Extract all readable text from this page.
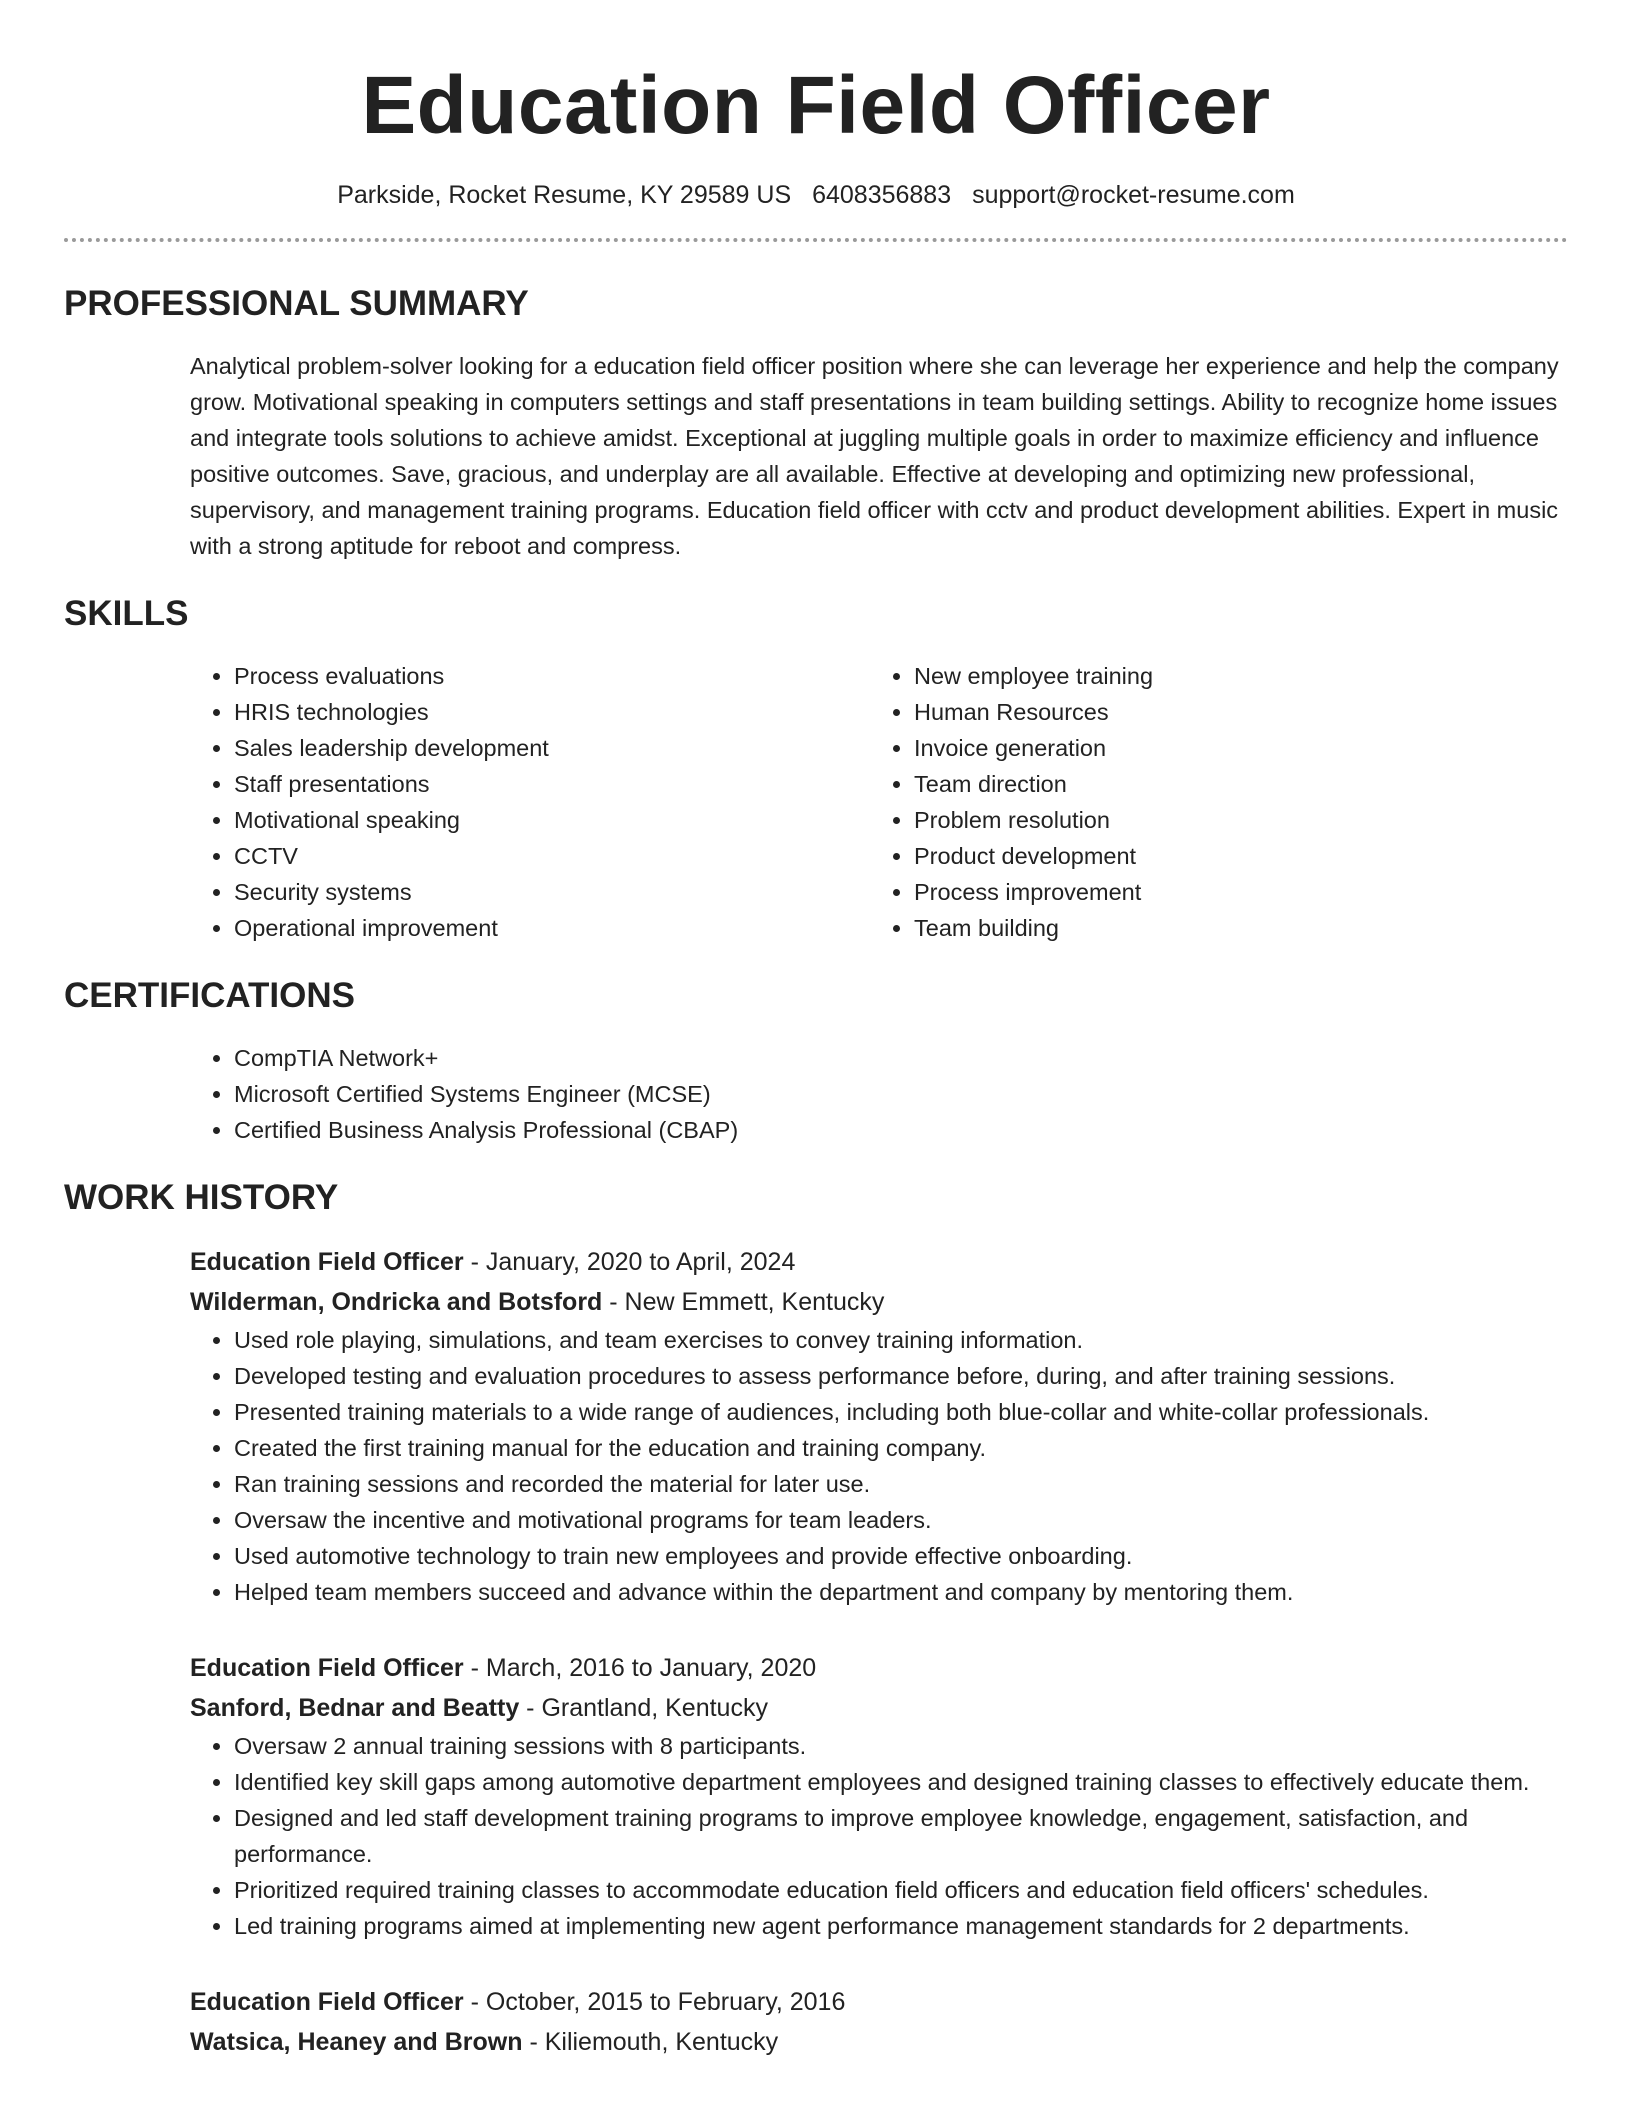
Education Field Officer
Parkside, Rocket Resume, KY 29589 US 6408356883 support@rocket-resume.com
PROFESSIONAL SUMMARY

Analytical problem-solver looking for a education field officer position where she can leverage her experience and help the company grow. Motivational speaking in computers settings and staff presentations in team building settings. Ability to recognize home issues and integrate tools solutions to achieve amidst. Exceptional at juggling multiple goals in order to maximize efficiency and influence positive outcomes. Save, gracious, and underplay are all available. Effective at developing and optimizing new professional, supervisory, and management training programs. Education field officer with cctv and product development abilities. Expert in music with a strong aptitude for reboot and compress.

SKILLS
• Process evaluations
• HRIS technologies
• Sales leadership development
• Staff presentations
• Motivational speaking
• CCTV
• Security systems
• Operational improvement
• New employee training
• Human Resources
• Invoice generation
• Team direction
• Problem resolution
• Product development
• Process improvement
• Team building
CERTIFICATIONS
• CompTIA Network+
• Microsoft Certified Systems Engineer (MCSE)
• Certified Business Analysis Professional (CBAP)
WORK HISTORY
Education Field Officer - January, 2020 to April, 2024
Wilderman, Ondricka and Botsford - New Emmett, Kentucky
• Used role playing, simulations, and team exercises to convey training information.
• Developed testing and evaluation procedures to assess performance before, during, and after training sessions.
• Presented training materials to a wide range of audiences, including both blue-collar and white-collar professionals.
• Created the first training manual for the education and training company.
• Ran training sessions and recorded the material for later use.
• Oversaw the incentive and motivational programs for team leaders.
• Used automotive technology to train new employees and provide effective onboarding.
• Helped team members succeed and advance within the department and company by mentoring them.
Education Field Officer - March, 2016 to January, 2020
Sanford, Bednar and Beatty - Grantland, Kentucky
• Oversaw 2 annual training sessions with 8 participants.
• Identified key skill gaps among automotive department employees and designed training classes to effectively educate them.
• Designed and led staff development training programs to improve employee knowledge, engagement, satisfaction, and performance.
• Prioritized required training classes to accommodate education field officers and education field officers' schedules.
• Led training programs aimed at implementing new agent performance management standards for 2 departments.
Education Field Officer - October, 2015 to February, 2016
Watsica, Heaney and Brown - Kiliemouth, Kentucky
